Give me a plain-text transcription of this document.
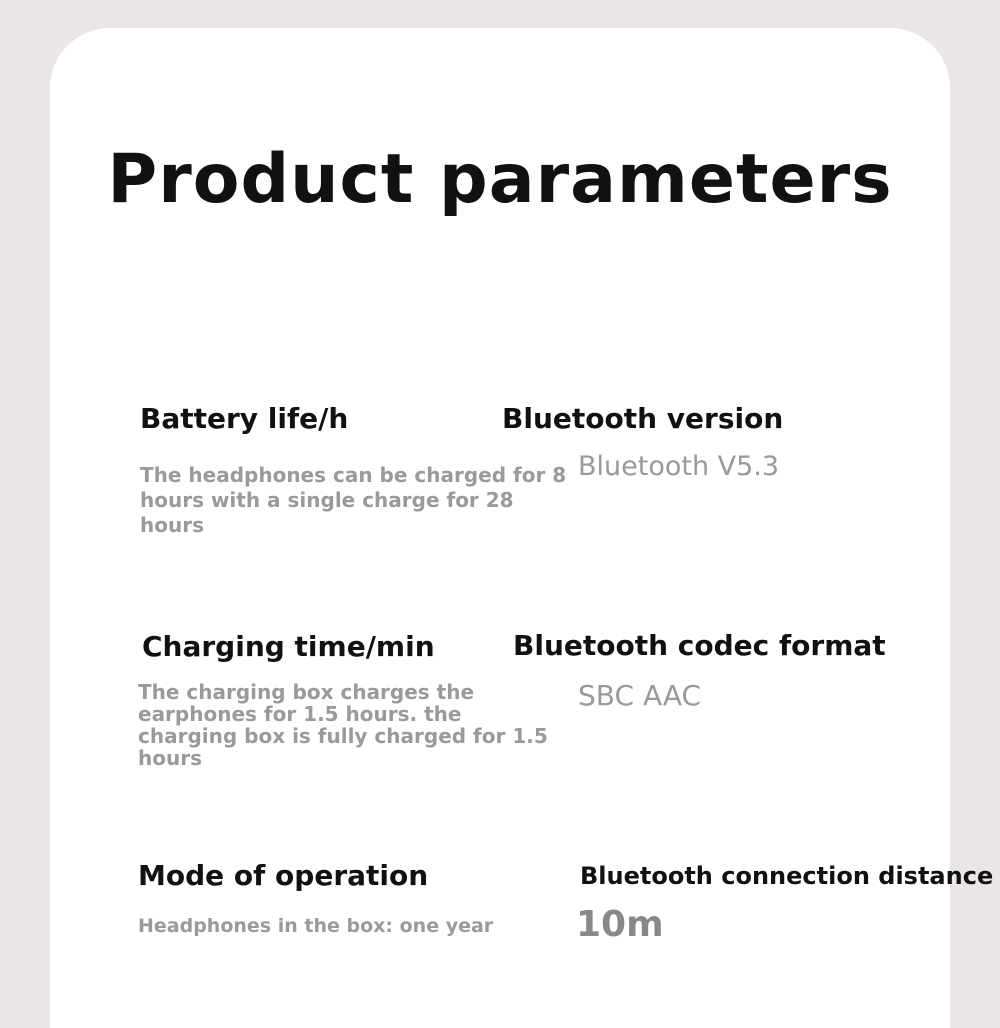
Product parameters
Battery life/h
The headphones can be charged for 8 hours with a single charge for 28 hours
Bluetooth version
Bluetooth V5.3
Charging time/min
The charging box charges the earphones for 1.5 hours. the charging box is fully charged for 1.5 hours
Bluetooth codec format
SBC AAC
Mode of operation
Headphones in the box: one year
Bluetooth connection distance
10m
